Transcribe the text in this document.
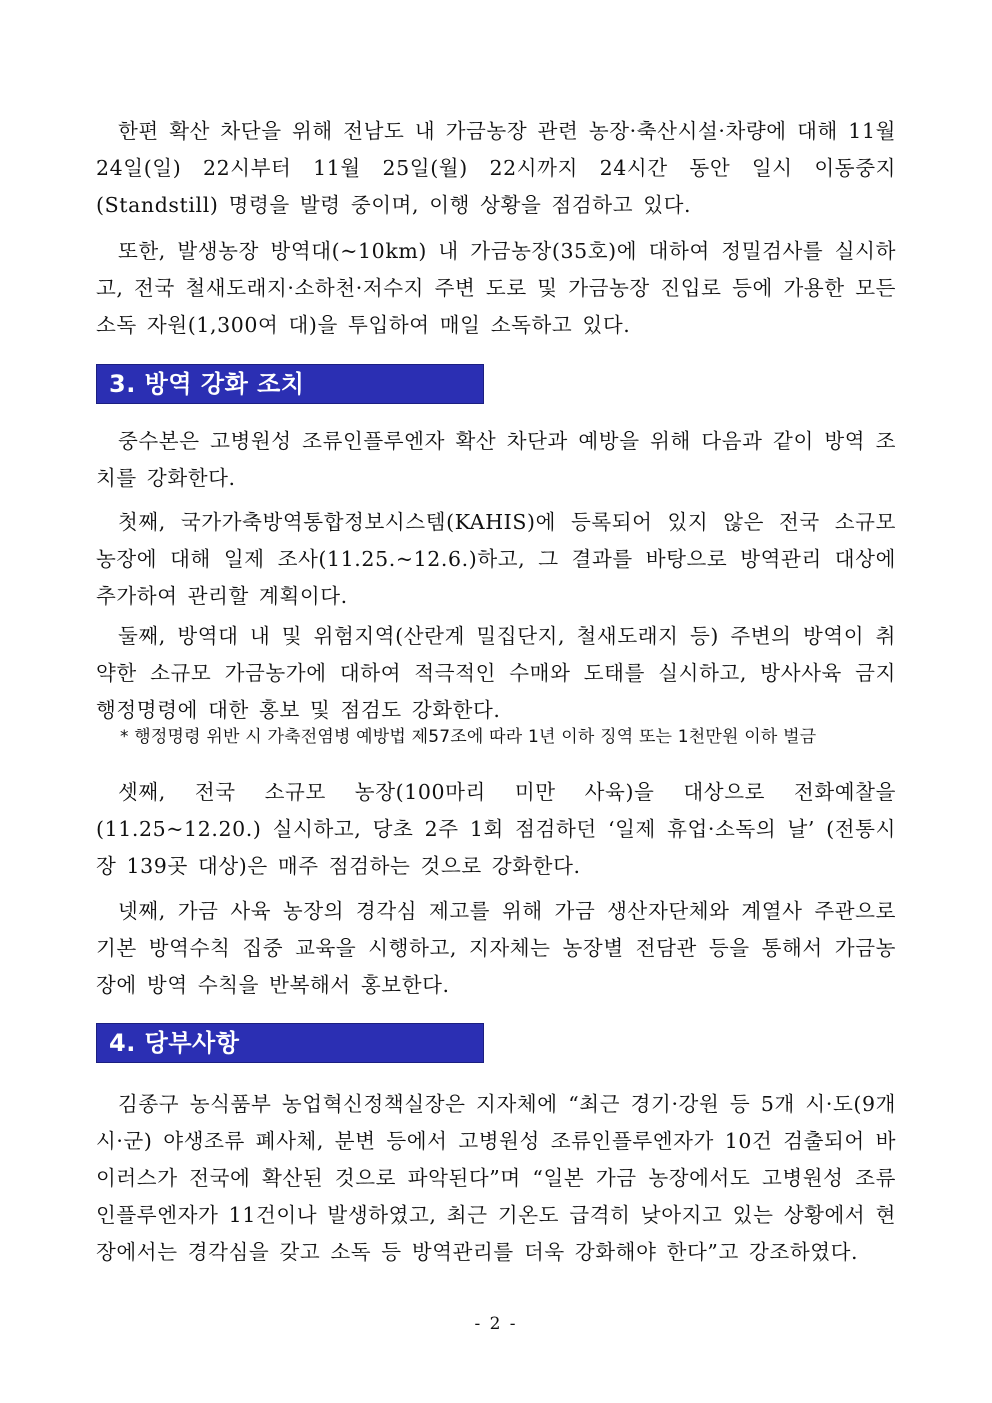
한편 확산 차단을 위해 전남도 내 가금농장 관련 농장·축산시설·차량에 대해 11월 24일(일) 22시부터 11월 25일(월) 22시까지 24시간 동안 일시 이동중지(Standstill) 명령을 발령 중이며, 이행 상황을 점검하고 있다.

또한, 발생농장 방역대(~10km) 내 가금농장(35호)에 대하여 정밀검사를 실시하고, 전국 철새도래지·소하천·저수지 주변 도로 및 가금농장 진입로 등에 가용한 모든 소독 자원(1,300여 대)을 투입하여 매일 소독하고 있다.

3. 방역 강화 조치

중수본은 고병원성 조류인플루엔자 확산 차단과 예방을 위해 다음과 같이 방역 조치를 강화한다.

첫째, 국가가축방역통합정보시스템(KAHIS)에 등록되어 있지 않은 전국 소규모 농장에 대해 일제 조사(11.25.~12.6.)하고, 그 결과를 바탕으로 방역관리 대상에 추가하여 관리할 계획이다.

둘째, 방역대 내 및 위험지역(산란계 밀집단지, 철새도래지 등) 주변의 방역이 취약한 소규모 가금농가에 대하여 적극적인 수매와 도태를 실시하고, 방사사육 금지 행정명령에 대한 홍보 및 점검도 강화한다.

* 행정명령 위반 시 가축전염병 예방법 제57조에 따라 1년 이하 징역 또는 1천만원 이하 벌금

셋째, 전국 소규모 농장(100마리 미만 사육)을 대상으로 전화예찰을 (11.25~12.20.) 실시하고, 당초 2주 1회 점검하던 ‘일제 휴업·소독의 날’ (전통시장 139곳 대상)은 매주 점검하는 것으로 강화한다.

넷째, 가금 사육 농장의 경각심 제고를 위해 가금 생산자단체와 계열사 주관으로 기본 방역수칙 집중 교육을 시행하고, 지자체는 농장별 전담관 등을 통해서 가금농장에 방역 수칙을 반복해서 홍보한다.

4. 당부사항

김종구 농식품부 농업혁신정책실장은 지자체에 “최근 경기·강원 등 5개 시·도(9개 시·군) 야생조류 폐사체, 분변 등에서 고병원성 조류인플루엔자가 10건 검출되어 바이러스가 전국에 확산된 것으로 파악된다”며 “일본 가금 농장에서도 고병원성 조류인플루엔자가 11건이나 발생하였고, 최근 기온도 급격히 낮아지고 있는 상황에서 현장에서는 경각심을 갖고 소독 등 방역관리를 더욱 강화해야 한다”고 강조하였다.

- 2 -
